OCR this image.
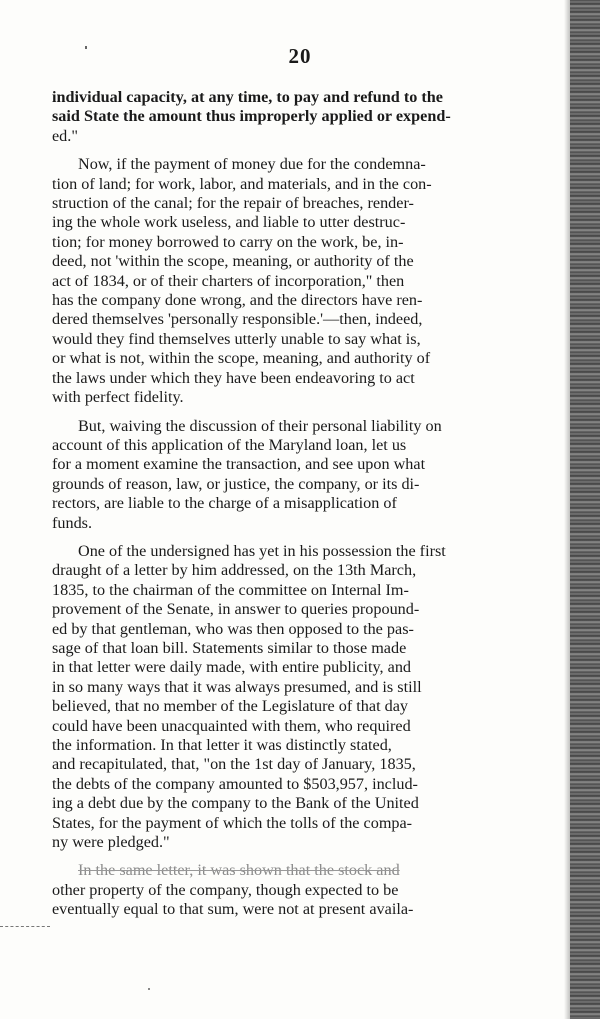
20
individual capacity, at any time, to pay and refund to the
said State the amount thus improperly applied or expend-
ed."
Now, if the payment of money due for the condemna-
tion of land; for work, labor, and materials, and in the con-
struction of the canal; for the repair of breaches, render-
ing the whole work useless, and liable to utter destruc-
tion; for money borrowed to carry on the work, be, in-
deed, not 'within the scope, meaning, or authority of the
act of 1834, or of their charters of incorporation," then
has the company done wrong, and the directors have ren-
dered themselves 'personally responsible.'—then, indeed,
would they find themselves utterly unable to say what is,
or what is not, within the scope, meaning, and authority of
the laws under which they have been endeavoring to act
with perfect fidelity.
But, waiving the discussion of their personal liability on
account of this application of the Maryland loan, let us
for a moment examine the transaction, and see upon what
grounds of reason, law, or justice, the company, or its di-
rectors, are liable to the charge of a misapplication of
funds.
One of the undersigned has yet in his possession the first
draught of a letter by him addressed, on the 13th March,
1835, to the chairman of the committee on Internal Im-
provement of the Senate, in answer to queries propound-
ed by that gentleman, who was then opposed to the pas-
sage of that loan bill. Statements similar to those made
in that letter were daily made, with entire publicity, and
in so many ways that it was always presumed, and is still
believed, that no member of the Legislature of that day
could have been unacquainted with them, who required
the information. In that letter it was distinctly stated,
and recapitulated, that, "on the 1st day of January, 1835,
the debts of the company amounted to $503,957, includ-
ing a debt due by the company to the Bank of the United
States, for the payment of which the tolls of the compa-
ny were pledged."
In the same letter, it was shown that the stock and
other property of the company, though expected to be
eventually equal to that sum, were not at present availa-
